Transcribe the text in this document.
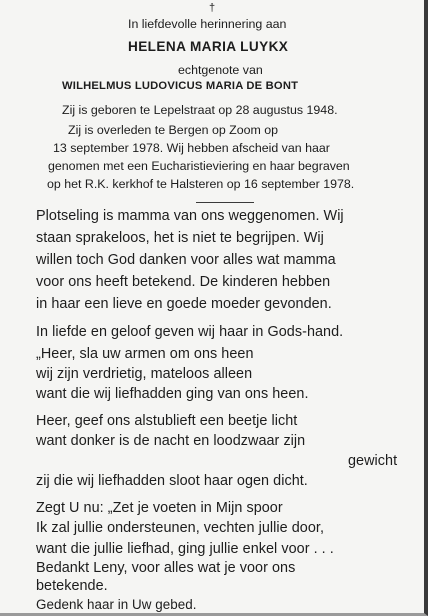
†
In liefdevolle herinnering aan
HELENA MARIA LUYKX
echtgenote van
WILHELMUS LUDOVICUS MARIA DE BONT
Zij is geboren te Lepelstraat op 28 augustus 1948.
Zij is overleden te Bergen op Zoom op
13 september 1978. Wij hebben afscheid van haar
genomen met een Eucharistieviering en haar begraven
op het R.K. kerkhof te Halsteren op 16 september 1978.
Plotseling is mamma van ons weggenomen. Wij
staan sprakeloos, het is niet te begrijpen. Wij
willen toch God danken voor alles wat mamma
voor ons heeft betekend. De kinderen hebben
in haar een lieve en goede moeder gevonden.
In liefde en geloof geven wij haar in Gods-hand.
„Heer, sla uw armen om ons heen
wij zijn verdrietig, mateloos alleen
want die wij liefhadden ging van ons heen.
Heer, geef ons alstublieft een beetje licht
want donker is de nacht en loodzwaar zijn
gewicht
zij die wij liefhadden sloot haar ogen dicht.
Zegt U nu: „Zet je voeten in Mijn spoor
Ik zal jullie ondersteunen, vechten jullie door,
want die jullie liefhad, ging jullie enkel voor . . .
Bedankt Leny, voor alles wat je voor ons
betekende.
Gedenk haar in Uw gebed.
